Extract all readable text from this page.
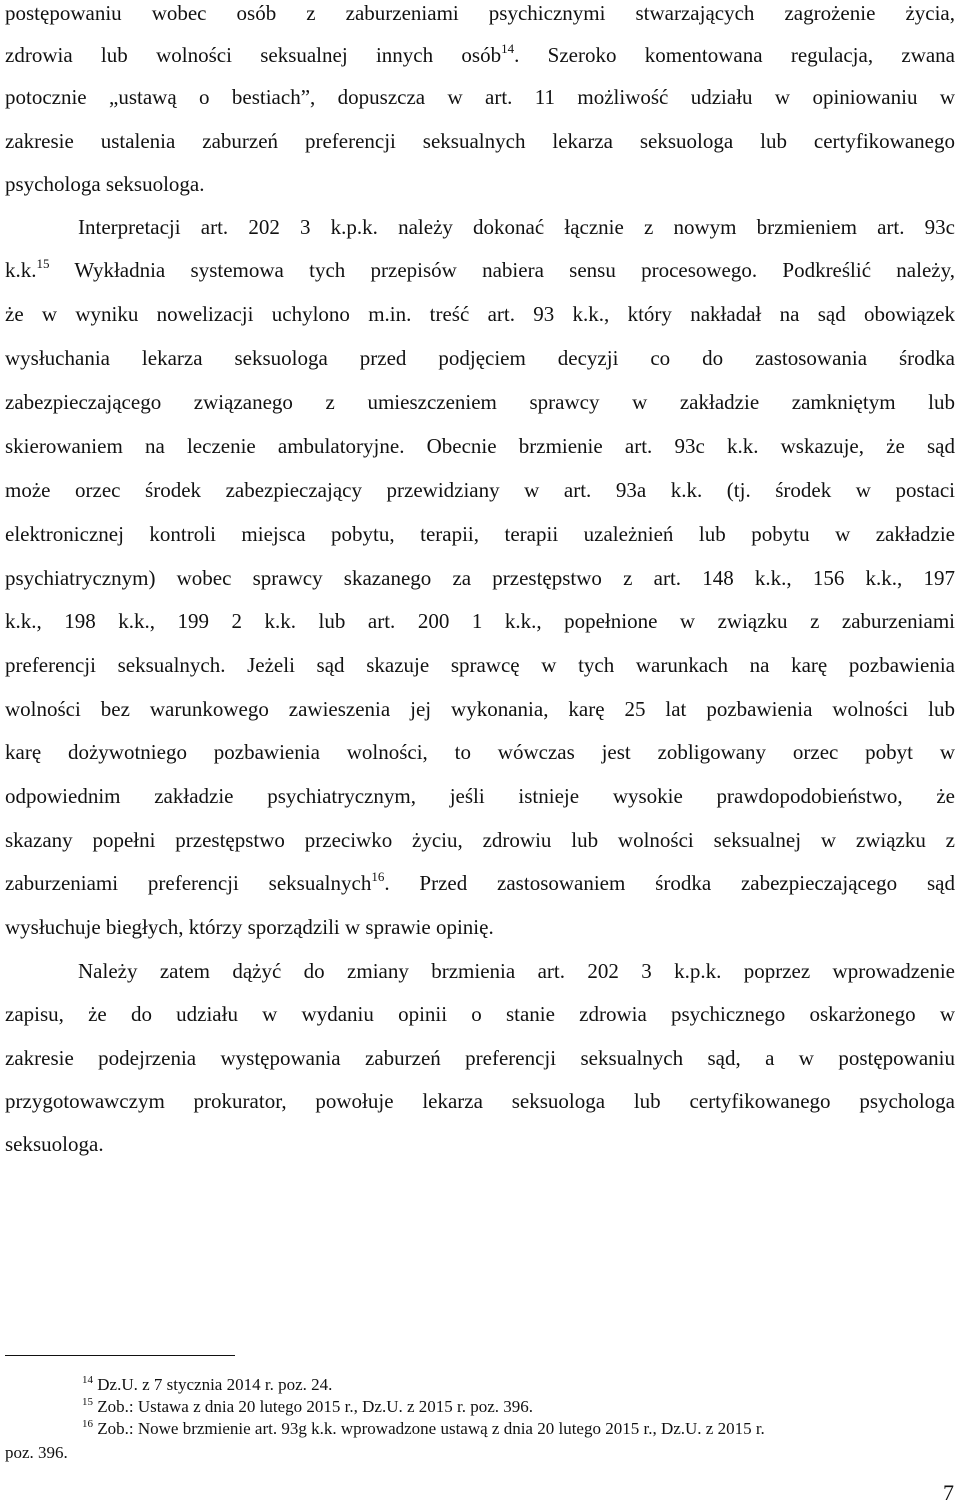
postępowaniu wobec osób z zaburzeniami psychicznymi stwarzających zagrożenie życia,
zdrowia lub wolności seksualnej innych osób$^{14}$. Szeroko komentowana regulacja, zwana
potocznie „ustawą o bestiach”, dopuszcza w art. 11 możliwość udziału w opiniowaniu w
zakresie ustalenia zaburzeń preferencji seksualnych lekarza seksuologa lub certyfikowanego
psychologa seksuologa.
Interpretacji art. 202 3 k.p.k. należy dokonać łącznie z nowym brzmieniem art. 93c
k.k.$^{15}$ Wykładnia systemowa tych przepisów nabiera sensu procesowego. Podkreślić należy,
że w wyniku nowelizacji uchylono m.in. treść art. 93 k.k., który nakładał na sąd obowiązek
wysłuchania lekarza seksuologa przed podjęciem decyzji co do zastosowania środka
zabezpieczającego związanego z umieszczeniem sprawcy w zakładzie zamkniętym lub
skierowaniem na leczenie ambulatoryjne. Obecnie brzmienie art. 93c k.k. wskazuje, że sąd
może orzec środek zabezpieczający przewidziany w art. 93a k.k. (tj. środek w postaci
elektronicznej kontroli miejsca pobytu, terapii, terapii uzależnień lub pobytu w zakładzie
psychiatrycznym) wobec sprawcy skazanego za przestępstwo z art. 148 k.k., 156 k.k., 197
k.k., 198 k.k., 199 2 k.k. lub art. 200 1 k.k., popełnione w związku z zaburzeniami
preferencji seksualnych. Jeżeli sąd skazuje sprawcę w tych warunkach na karę pozbawienia
wolności bez warunkowego zawieszenia jej wykonania, karę 25 lat pozbawienia wolności lub
karę dożywotniego pozbawienia wolności, to wówczas jest zobligowany orzec pobyt w
odpowiednim zakładzie psychiatrycznym, jeśli istnieje wysokie prawdopodobieństwo, że
skazany popełni przestępstwo przeciwko życiu, zdrowiu lub wolności seksualnej w związku z
zaburzeniami preferencji seksualnych$^{16}$. Przed zastosowaniem środka zabezpieczającego sąd
wysłuchuje biegłych, którzy sporządzili w sprawie opinię.
Należy zatem dążyć do zmiany brzmienia art. 202 3 k.p.k. poprzez wprowadzenie
zapisu, że do udziału w wydaniu opinii o stanie zdrowia psychicznego oskarżonego w
zakresie podejrzenia występowania zaburzeń preferencji seksualnych sąd, a w postępowaniu
przygotowawczym prokurator, powołuje lekarza seksuologa lub certyfikowanego psychologa
seksuologa.
$^{14}$ Dz.U. z 7 stycznia 2014 r. poz. 24.
$^{15}$ Zob.: Ustawa z dnia 20 lutego 2015 r., Dz.U. z 2015 r. poz. 396.
$^{16}$ Zob.: Nowe brzmienie art. 93g k.k. wprowadzone ustawą z dnia 20 lutego 2015 r., Dz.U. z 2015 r.
poz. 396.
7
